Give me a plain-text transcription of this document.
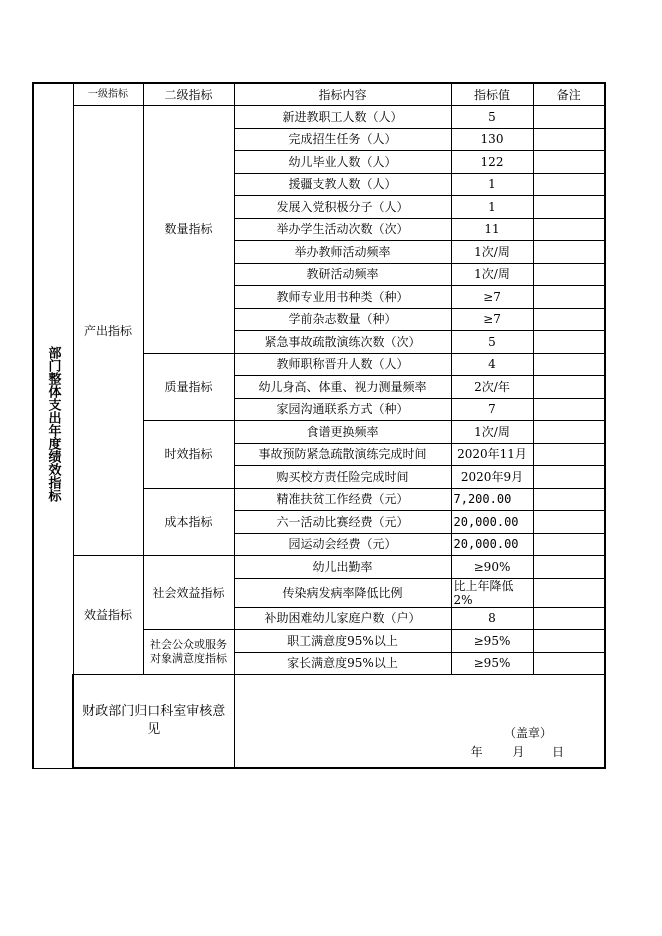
部门整体支出年度绩效指标	一级指标	二级指标	指标内容	指标值	备注
	产出指标	数量指标	新进教职工人数（人）	5	
			完成招生任务（人）	130	
			幼儿毕业人数（人）	122	
			援疆支教人数（人）	1	
			发展入党积极分子（人）	1	
			举办学生活动次数（次）	11	
			举办教师活动频率	1次/周	
			教研活动频率	1次/周	
			教师专业用书种类（种）	≥7	
			学前杂志数量（种）	≥7	
			紧急事故疏散演练次数（次）	5	
		质量指标	教师职称晋升人数（人）	4	
			幼儿身高、体重、视力测量频率	2次/年	
			家园沟通联系方式（种）	7	
		时效指标	食谱更换频率	1次/周	
			事故预防紧急疏散演练完成时间	2020年11月	
			购买校方责任险完成时间	2020年9月	
		成本指标	精准扶贫工作经费（元）	7,200.00	
			六一活动比赛经费（元）	20,000.00	
			园运动会经费（元）	20,000.00	
	效益指标	社会效益指标	幼儿出勤率	≥90%	
			传染病发病率降低比例	比上年降低2%	
			补助困难幼儿家庭户数（户）	8	
		社会公众或服务对象满意度指标	职工满意度95%以上	≥95%	
			家长满意度95%以上	≥95%	
	财政部门归口科室审核意见		（盖章）
年 月 日		
